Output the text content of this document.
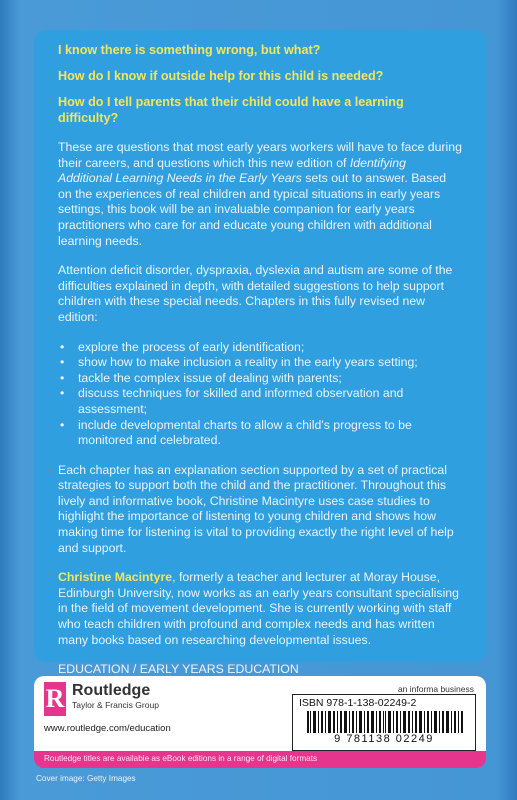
I know there is something wrong, but what?
How do I know if outside help for this child is needed?
How do I tell parents that their child could have a learning difficulty?

These are questions that most early years workers will have to face during their careers, and questions which this new edition of Identifying Additional Learning Needs in the Early Years sets out to answer. Based on the experiences of real children and typical situations in early years settings, this book will be an invaluable companion for early years practitioners who care for and educate young children with additional learning needs.

Attention deficit disorder, dyspraxia, dyslexia and autism are some of the difficulties explained in depth, with detailed suggestions to help support children with these special needs. Chapters in this fully revised new edition:

• explore the process of early identification;
• show how to make inclusion a reality in the early years setting;
• tackle the complex issue of dealing with parents;
• discuss techniques for skilled and informed observation and assessment;
• include developmental charts to allow a child's progress to be monitored and celebrated.

Each chapter has an explanation section supported by a set of practical strategies to support both the child and the practitioner. Throughout this lively and informative book, Christine Macintyre uses case studies to highlight the importance of listening to young children and shows how making time for listening is vital to providing exactly the right level of help and support.

Christine Macintyre, formerly a teacher and lecturer at Moray House, Edinburgh University, now works as an early years consultant specialising in the field of movement development. She is currently working with staff who teach children with profound and complex needs and has written many books based on researching developmental issues.

EDUCATION / EARLY YEARS EDUCATION
R Routledge
Taylor & Francis Group
www.routledge.com/education
an informa business
ISBN 978-1-138-02249-2
9 781138 02249
Routledge titles are available as eBook editions in a range of digital formats
Cover image: Getty Images
